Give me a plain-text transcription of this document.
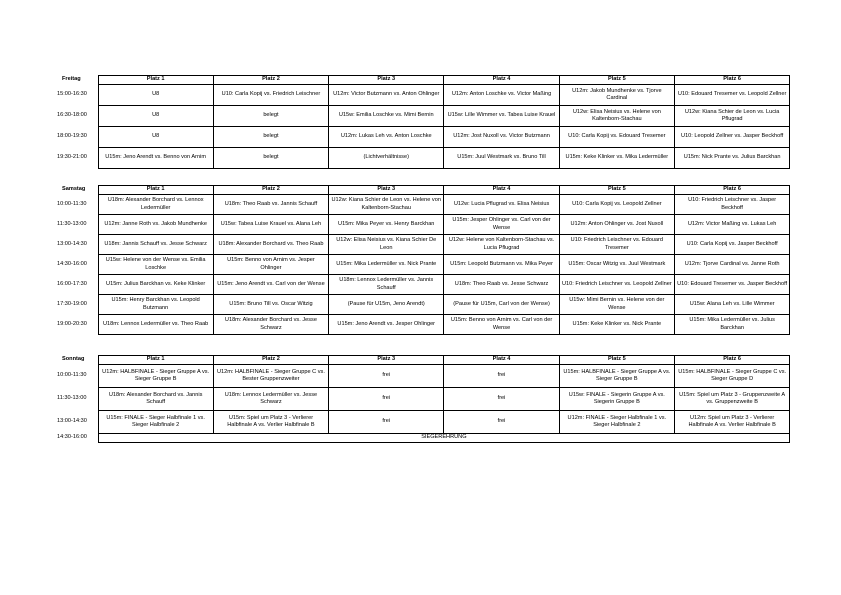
Freitag	Platz 1	Platz 2	Platz 3	Platz 4	Platz 5	Platz 6
15:00-16:30	U8	U10: Carla Kopij vs. Friedrich Leischner	U12m: Victor Butzmann vs. Anton Ohlinger	U12m: Anton Loschke vs. Victor Maßing	U12m: Jakob Mundhenke vs. Tjorve Cardinal	U10: Edouard Tresemer vs. Leopold Zellner
16:30-18:00	U8	belegt	U15w: Emilia Loschke vs. Mimi Bernin	U15w: Lille Wimmer vs. Tabea Luise Krauel	U12w: Elisa Neisius vs. Helene von Kaltenborn-Stachau	U12w: Kiana Schier de Leon vs. Lucia Pflugrad
18:00-19:30	U8	belegt	U12m: Lukas Leh vs. Anton Loschke	U12m: Jost Nuxoll vs. Victor Butzmann	U10: Carla Kopij vs. Edouard Tresemer	U10: Leopold Zellner vs. Jasper Beckhoff
19:30-21:00	U15m: Jeno Arendt vs. Benno von Arnim	belegt	(Lichtverhältnisse)	U15m: Juul Westmark vs. Bruno Till	U15m: Keke Klinker vs. Mika Ledermüller	U15m: Nick Prante vs. Julius Barckhan
Samstag	Platz 1	Platz 2	Platz 3	Platz 4	Platz 5	Platz 6
10:00-11:30	U18m: Alexander Borchard vs. Lennox Ledermüller	U18m: Theo Raab vs. Jannis Schauff	U12w: Kiana Schier de Leon vs. Helene von Kaltenborn-Stachau	U12w: Lucia Pflugrad vs. Elisa Neisius	U10: Carla Kopij vs. Leopold Zellner	U10: Friedrich Leischner vs. Jasper Beckhoff
11:30-13:00	U12m: Janne Roth vs. Jakob Mundhenke	U15w: Tabea Luise Krauel vs. Alana Leh	U15m: Mika Peyer vs. Henry Barckhan	U15m: Jesper Ohlinger vs. Carl von der Wense	U12m: Anton Ohlinger vs. Jost Nuxoll	U12m: Victor Maßing vs. Lukas Leh
13:00-14:30	U18m: Jannis Schauff vs. Jesse Schwarz	U18m: Alexander Borchard vs. Theo Raab	U12w: Elisa Neisius vs. Kiana Schier De Leon	U12w: Helene von Kaltenborn-Stachau vs. Lucia Pflugrad	U10: Friedrich Leischner vs. Edouard Tresemer	U10: Carla Kopij vs. Jasper Beckhoff
14:30-16:00	U15w: Helene von der Wense vs. Emilia Loschke	U15m: Benno von Arnim vs. Jesper Ohlinger	U15m: Mika Ledermüller vs. Nick Prante	U15m: Leopold Butzmann vs. Mika Peyer	U15m: Oscar Witzig vs. Juul Westmark	U12m: Tjorve Cardinal vs. Janne Roth
16:00-17:30	U15m: Julius Barckhan vs. Keke Klinker	U15m: Jeno Arendt vs. Carl von der Wense	U18m: Lennox Ledermüller vs. Jannis Schauff	U18m: Theo Raab vs. Jesse Schwarz	U10: Friedrich Leischner vs. Leopold Zellner	U10: Edouard Tresemer vs. Jasper Beckhoff
17:30-19:00	U15m: Henry Barckhan vs. Leopold Butzmann	U15m: Bruno Till vs. Oscar Witzig	(Pause für U15m, Jeno Arendt)	(Pause für U15m, Carl von der Wense)	U15w: Mimi Bernin vs. Helene von der Wense	U15w: Alana Leh vs. Lille Wimmer
19:00-20:30	U18m: Lennox Ledermüller vs. Theo Raab	U18m: Alexander Borchard vs. Jesse Schwarz	U15m: Jeno Arendt vs. Jesper Ohlinger	U15m: Benno von Arnim vs. Carl von der Wense	U15m: Keke Klinker vs. Nick Prante	U15m: Mika Ledermüller vs. Julius Barckhan
Sonntag	Platz 1	Platz 2	Platz 3	Platz 4	Platz 5	Platz 6
10:00-11:30	U12m: HALBFINALE - Sieger Gruppe A vs. Sieger Gruppe B	U12m: HALBFINALE - Sieger Gruppe C vs. Bester Gruppenzweiter	frei	frei	U15m: HALBFINALE - Sieger Gruppe A vs. Sieger Gruppe B	U15m: HALBFINALE - Sieger Gruppe C vs. Sieger Gruppe D
11:30-13:00	U18m: Alexander Borchard vs. Jannis Schauff	U18m: Lennox Ledermüller vs. Jesse Schwarz	frei	frei	U15w: FINALE - Siegerin Gruppe A vs. Siegerin Gruppe B	U15m: Spiel um Platz 3 - Gruppenzweite A vs. Gruppenzweite B
13:00-14:30	U15m: FINALE - Sieger Halbfinale 1 vs. Sieger Halbfinale 2	U15m: Spiel um Platz 3 - Verlierer Halbfinale A vs. Verlier Halbfinale B	frei	frei	U12m: FINALE - Sieger Halbfinale 1 vs. Sieger Halbfinale 2	U12m: Spiel um Platz 3 - Verlierer Halbfinale A vs. Verlier Halbfinale B
14:30-16:00	SIEGEREHRUNG					
